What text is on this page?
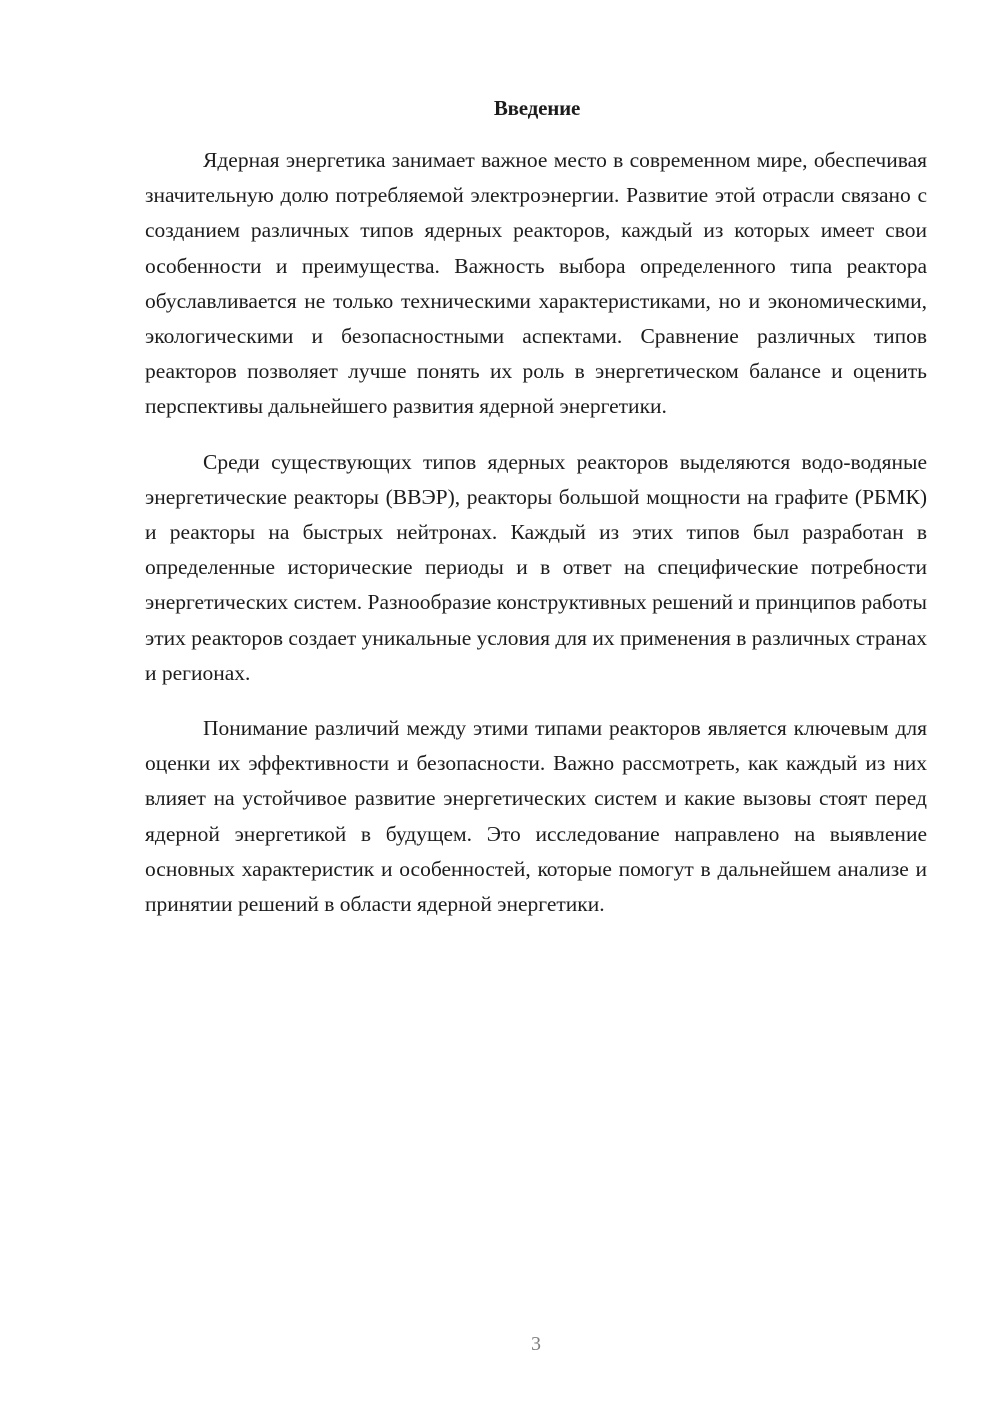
Введение

Ядерная энергетика занимает важное место в современном мире, обеспечивая значительную долю потребляемой электроэнергии. Развитие этой отрасли связано с созданием различных типов ядерных реакторов, каждый из которых имеет свои особенности и преимущества. Важность выбора определенного типа реактора обуславливается не только техническими характеристиками, но и экономическими, экологическими и безопасностными аспектами. Сравнение различных типов реакторов позволяет лучше понять их роль в энергетическом балансе и оценить перспективы дальнейшего развития ядерной энергетики.

Среди существующих типов ядерных реакторов выделяются водо-водяные энергетические реакторы (ВВЭР), реакторы большой мощности на графите (РБМК) и реакторы на быстрых нейтронах. Каждый из этих типов был разработан в определенные исторические периоды и в ответ на специфические потребности энергетических систем. Разнообразие конструктивных решений и принципов работы этих реакторов создает уникальные условия для их применения в различных странах и регионах.

Понимание различий между этими типами реакторов является ключевым для оценки их эффективности и безопасности. Важно рассмотреть, как каждый из них влияет на устойчивое развитие энергетических систем и какие вызовы стоят перед ядерной энергетикой в будущем. Это исследование направлено на выявление основных характеристик и особенностей, которые помогут в дальнейшем анализе и принятии решений в области ядерной энергетики.

3
